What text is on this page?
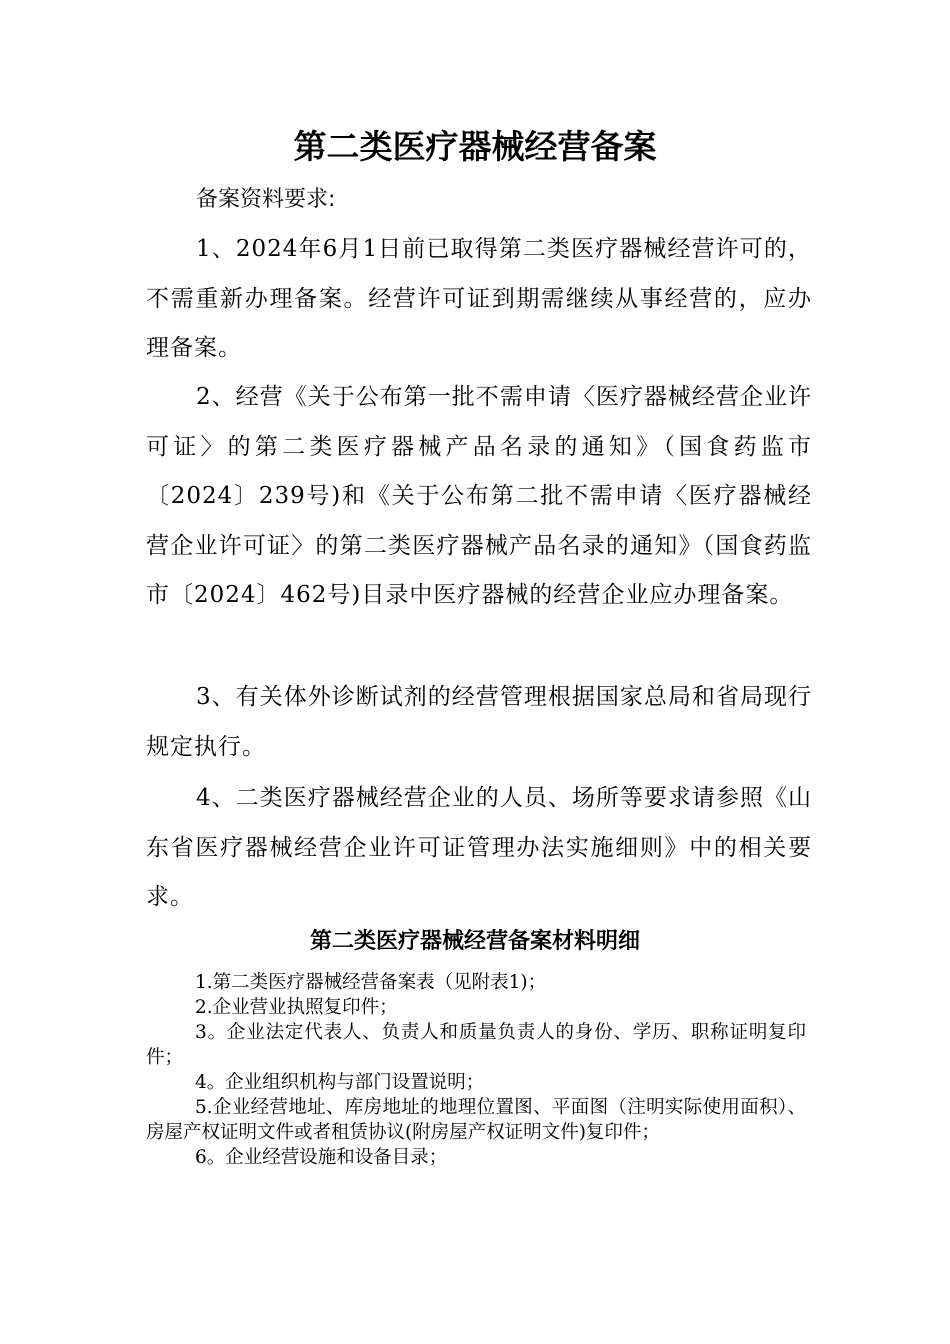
第二类医疗器械经营备案

备案资料要求:

1、2024年6月1日前已取得第二类医疗器械经营许可的，不需重新办理备案。经营许可证到期需继续从事经营的，应办理备案。

2、经营《关于公布第一批不需申请〈医疗器械经营企业许可证〉的第二类医疗器械产品名录的通知》（国食药监市〔2024〕239号)和《关于公布第二批不需申请〈医疗器械经营企业许可证〉的第二类医疗器械产品名录的通知》（国食药监市〔2024〕462号)目录中医疗器械的经营企业应办理备案。

3、有关体外诊断试剂的经营管理根据国家总局和省局现行规定执行。

4、二类医疗器械经营企业的人员、场所等要求请参照《山东省医疗器械经营企业许可证管理办法实施细则》中的相关要求。

第二类医疗器械经营备案材料明细
1.第二类医疗器械经营备案表（见附表1)；
2.企业营业执照复印件；
3。企业法定代表人、负责人和质量负责人的身份、学历、职称证明复印件；
4。企业组织机构与部门设置说明；
5.企业经营地址、库房地址的地理位置图、平面图（注明实际使用面积）、房屋产权证明文件或者租赁协议(附房屋产权证明文件)复印件；
6。企业经营设施和设备目录；
